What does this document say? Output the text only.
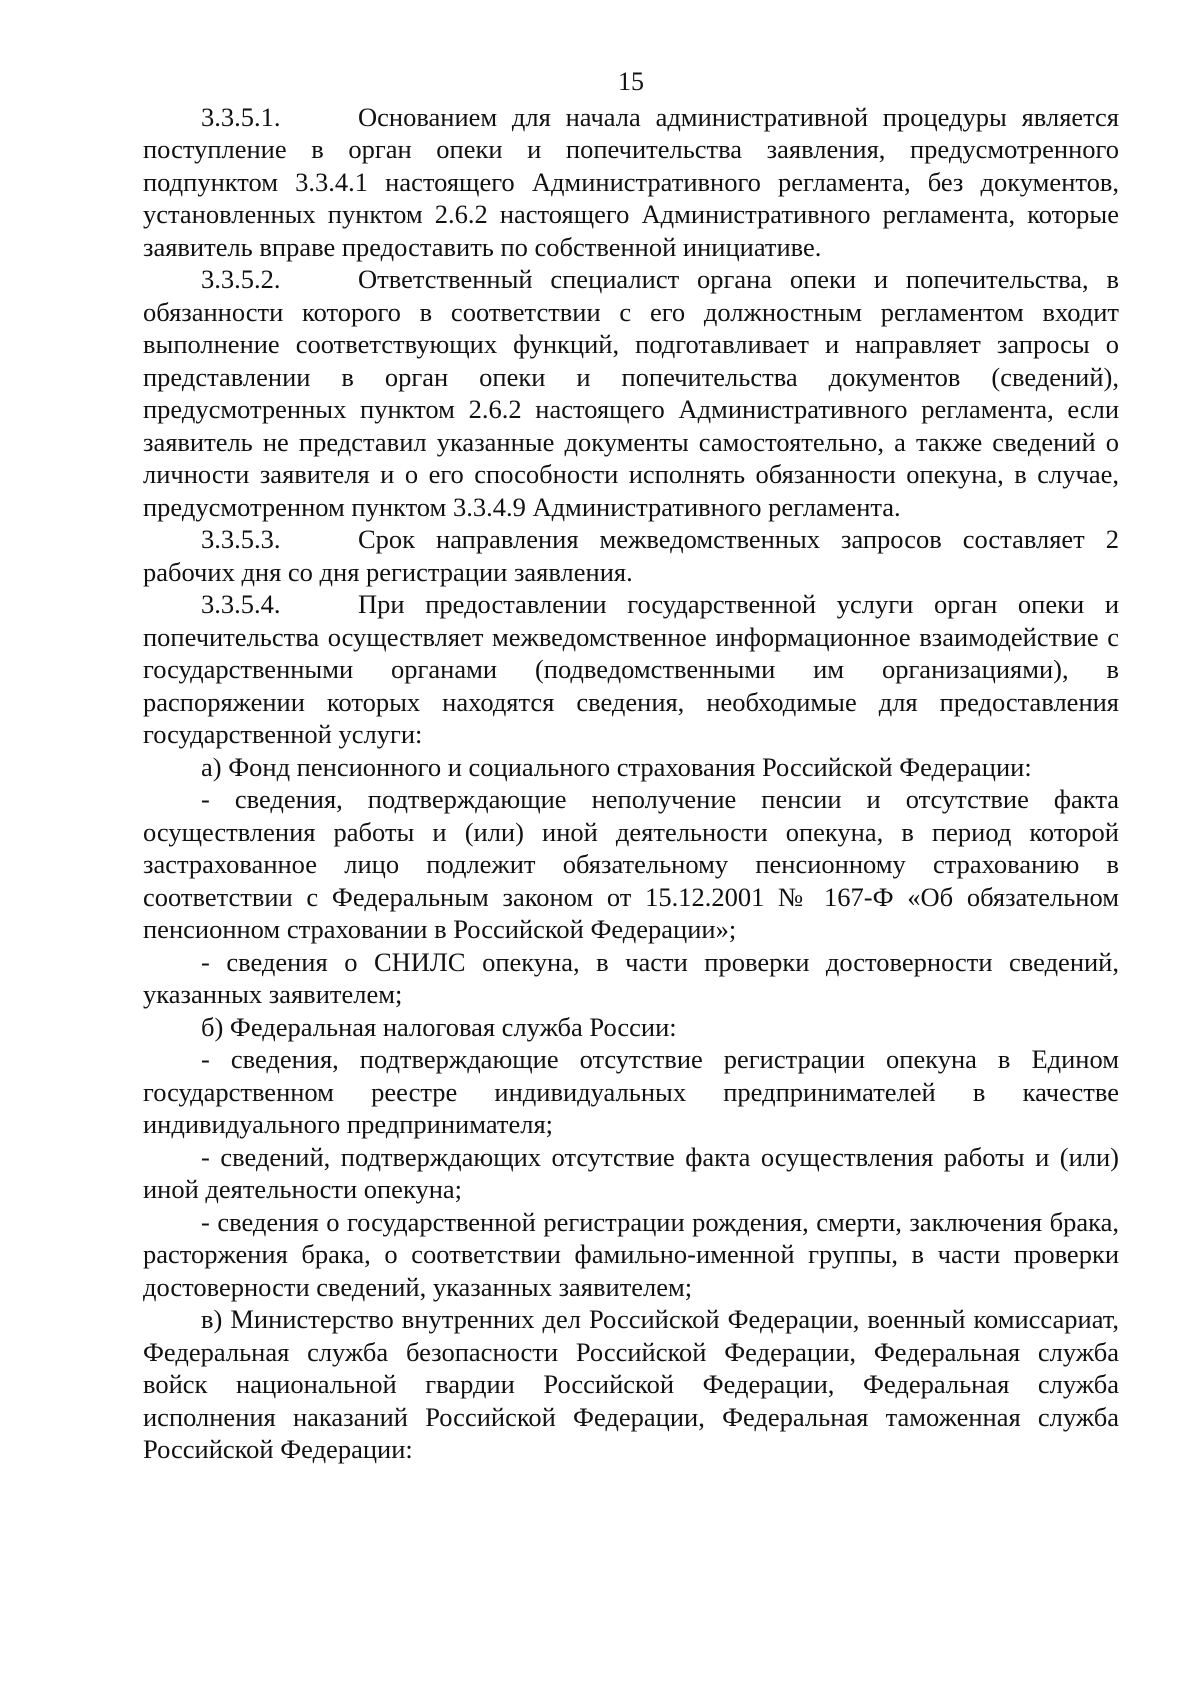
15

3.3.5.1.	Основанием для начала административной процедуры является поступление в орган опеки и попечительства заявления, предусмотренного подпунктом 3.3.4.1 настоящего Административного регламента, без документов, установленных пунктом 2.6.2 настоящего Административного регламента, которые заявитель вправе предоставить по собственной инициативе.

3.3.5.2.	Ответственный специалист органа опеки и попечительства, в обязанности которого в соответствии с его должностным регламентом входит выполнение соответствующих функций, подготавливает и направляет запросы о представлении в орган опеки и попечительства документов (сведений), предусмотренных пунктом 2.6.2 настоящего Административного регламента, если заявитель не представил указанные документы самостоятельно, а также сведений о личности заявителя и о его способности исполнять обязанности опекуна, в случае, предусмотренном пунктом 3.3.4.9 Административного регламента.

3.3.5.3.	Срок направления межведомственных запросов составляет 2 рабочих дня со дня регистрации заявления.

3.3.5.4.	При предоставлении государственной услуги орган опеки и попечительства осуществляет межведомственное информационное взаимодействие с государственными органами (подведомственными им организациями), в распоряжении которых находятся сведения, необходимые для предоставления государственной услуги:

а) Фонд пенсионного и социального страхования Российской Федерации:

- сведения, подтверждающие неполучение пенсии и отсутствие факта осуществления работы и (или) иной деятельности опекуна, в период которой застрахованное лицо подлежит обязательному пенсионному страхованию в соответствии с Федеральным законом от 15.12.2001 № 167-Ф «Об обязательном пенсионном страховании в Российской Федерации»;

- сведения о СНИЛС опекуна, в части проверки достоверности сведений, указанных заявителем;

б) Федеральная налоговая служба России:

- сведения, подтверждающие отсутствие регистрации опекуна в Едином государственном реестре индивидуальных предпринимателей в качестве индивидуального предпринимателя;

- сведений, подтверждающих отсутствие факта осуществления работы и (или) иной деятельности опекуна;

- сведения о государственной регистрации рождения, смерти, заключения брака, расторжения брака, о соответствии фамильно-именной группы, в части проверки достоверности сведений, указанных заявителем;

в) Министерство внутренних дел Российской Федерации, военный комиссариат, Федеральная служба безопасности Российской Федерации, Федеральная служба войск национальной гвардии Российской Федерации, Федеральная служба исполнения наказаний Российской Федерации, Федеральная таможенная служба Российской Федерации:
